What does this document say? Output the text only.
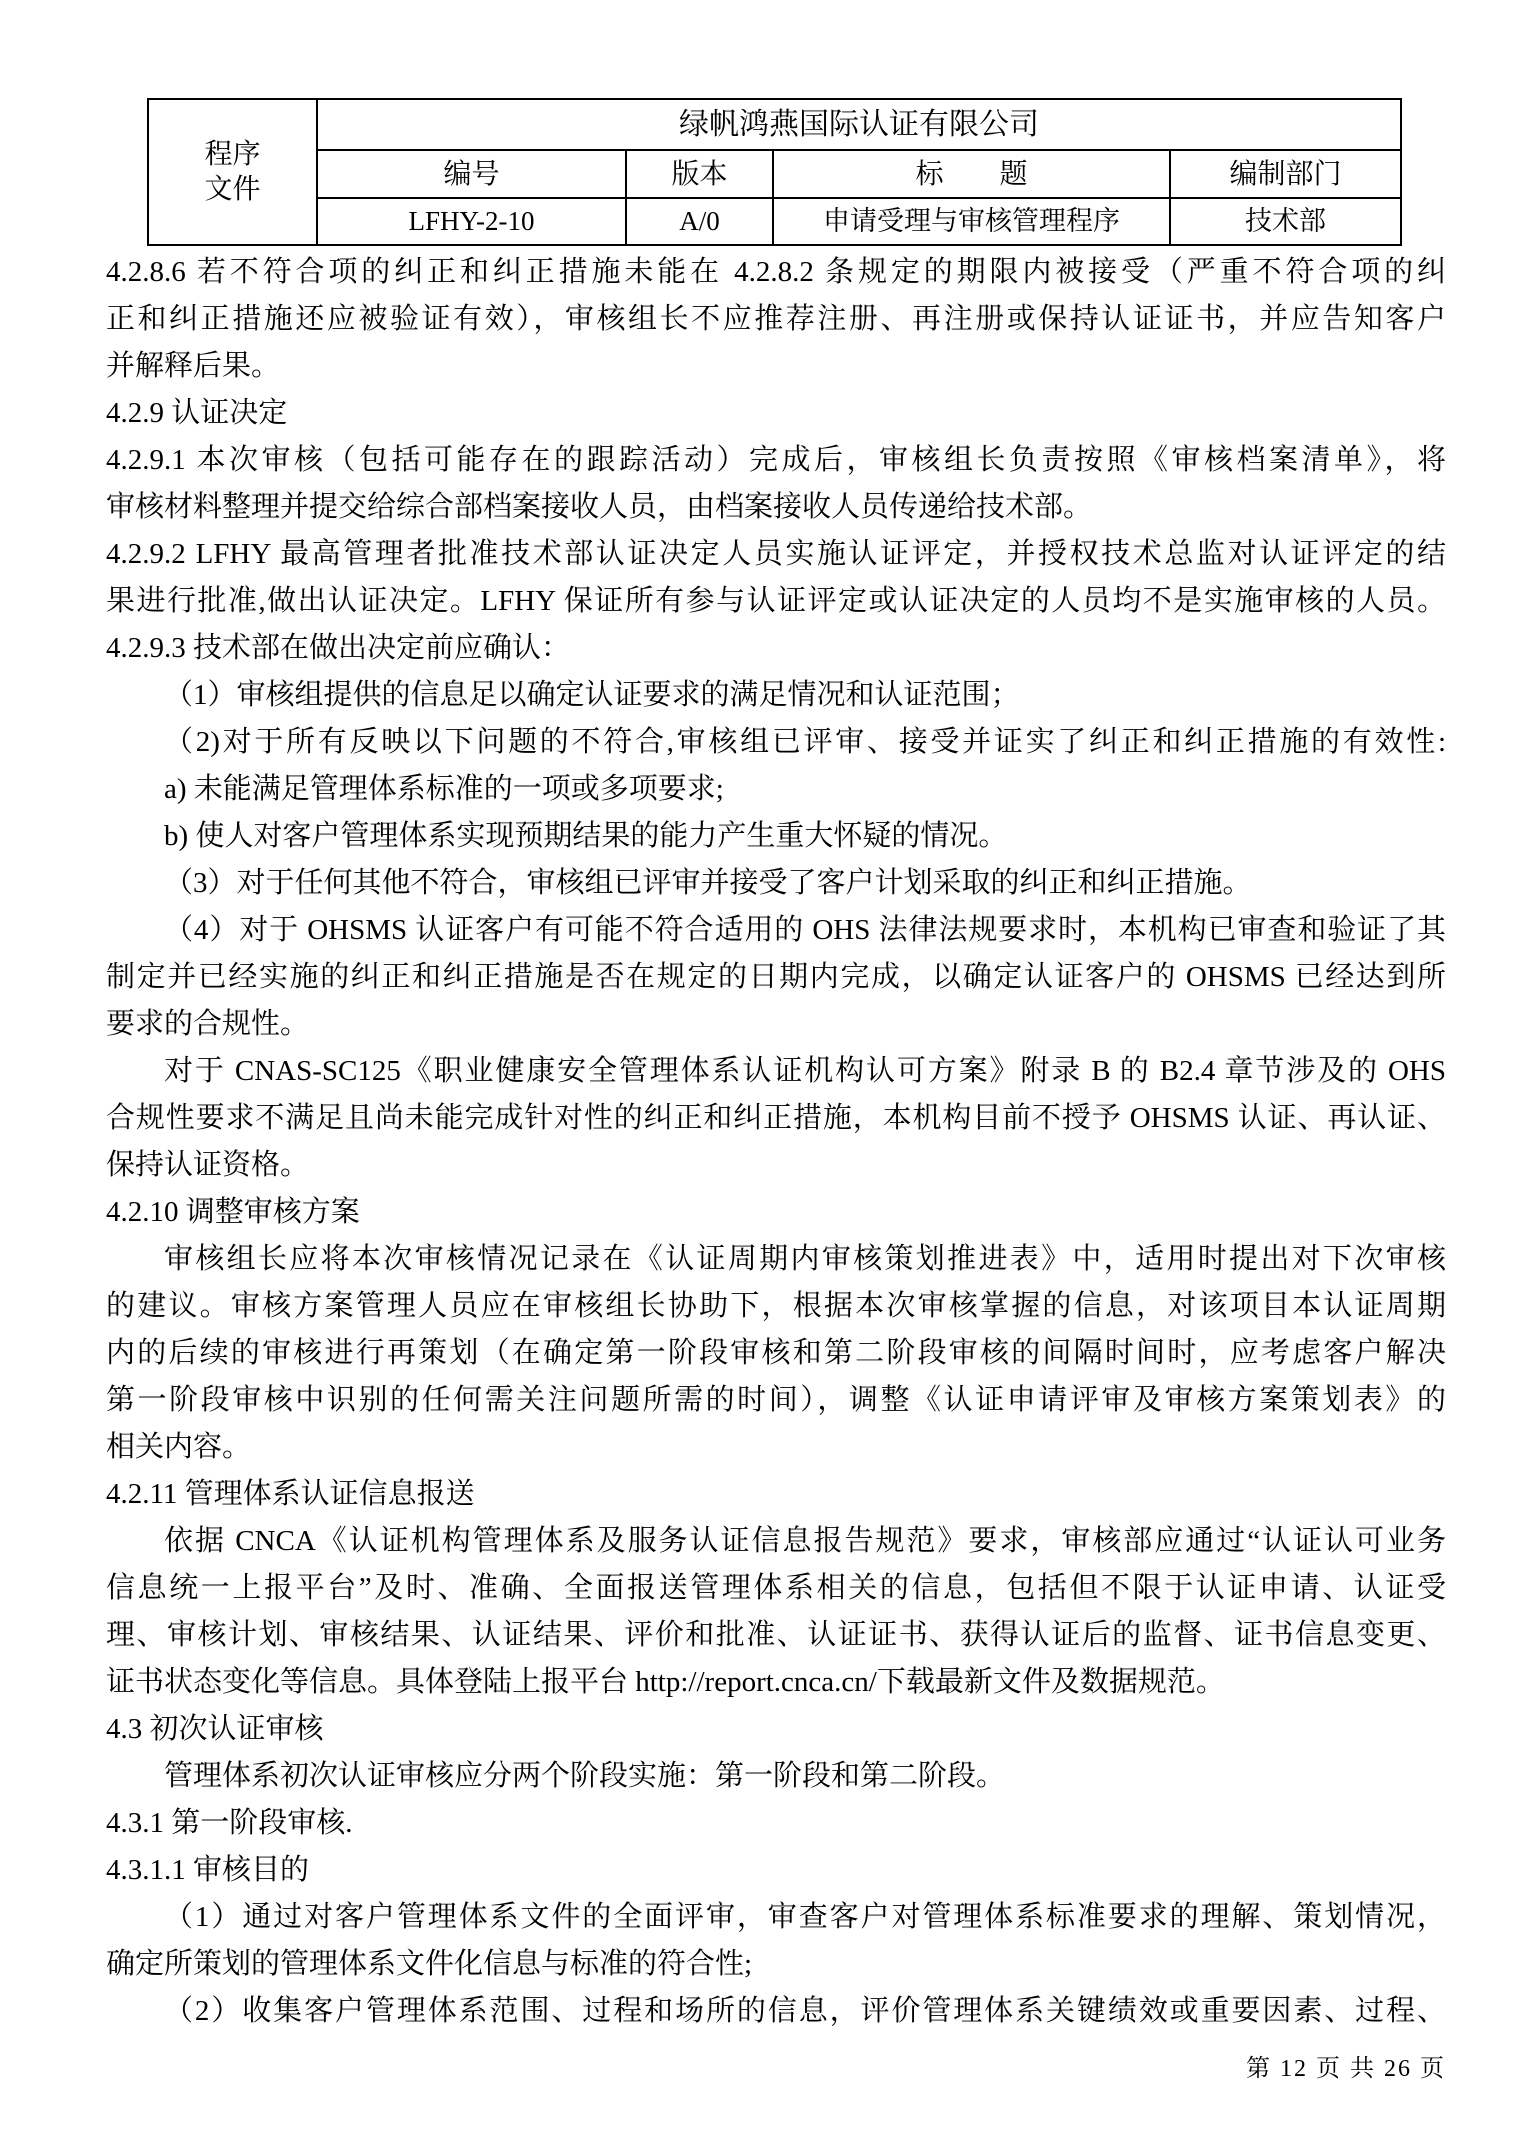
程序
文件	绿帆鸿燕国际认证有限公司			
	编号	版本	标　　题	编制部门
	LFHY-2-10	A/0	申请受理与审核管理程序	技术部
4.2.8.6 若不符合项的纠正和纠正措施未能在 4.2.8.2 条规定的期限内被接受（严重不符合项的纠
正和纠正措施还应被验证有效），审核组长不应推荐注册、再注册或保持认证证书，并应告知客户
并解释后果。
4.2.9 认证决定
4.2.9.1 本次审核（包括可能存在的跟踪活动）完成后，审核组长负责按照《审核档案清单》，将
审核材料整理并提交给综合部档案接收人员，由档案接收人员传递给技术部。
4.2.9.2 LFHY 最高管理者批准技术部认证决定人员实施认证评定，并授权技术总监对认证评定的结
果进行批准,做出认证决定。LFHY 保证所有参与认证评定或认证决定的人员均不是实施审核的人员。
4.2.9.3 技术部在做出决定前应确认：
（1）审核组提供的信息足以确定认证要求的满足情况和认证范围；
（2)对于所有反映以下问题的不符合,审核组已评审、接受并证实了纠正和纠正措施的有效性:
a) 未能满足管理体系标准的一项或多项要求;
b) 使人对客户管理体系实现预期结果的能力产生重大怀疑的情况。
（3）对于任何其他不符合，审核组已评审并接受了客户计划采取的纠正和纠正措施。
（4）对于 OHSMS 认证客户有可能不符合适用的 OHS 法律法规要求时，本机构已审查和验证了其
制定并已经实施的纠正和纠正措施是否在规定的日期内完成，以确定认证客户的 OHSMS 已经达到所
要求的合规性。
对于 CNAS-SC125《职业健康安全管理体系认证机构认可方案》附录 B 的 B2.4 章节涉及的 OHS
合规性要求不满足且尚未能完成针对性的纠正和纠正措施，本机构目前不授予 OHSMS 认证、再认证、
保持认证资格。
4.2.10 调整审核方案
审核组长应将本次审核情况记录在《认证周期内审核策划推进表》中，适用时提出对下次审核
的建议。审核方案管理人员应在审核组长协助下，根据本次审核掌握的信息，对该项目本认证周期
内的后续的审核进行再策划（在确定第一阶段审核和第二阶段审核的间隔时间时，应考虑客户解决
第一阶段审核中识别的任何需关注问题所需的时间），调整《认证申请评审及审核方案策划表》的
相关内容。
4.2.11 管理体系认证信息报送
依据 CNCA《认证机构管理体系及服务认证信息报告规范》要求，审核部应通过“认证认可业务
信息统一上报平台”及时、准确、全面报送管理体系相关的信息，包括但不限于认证申请、认证受
理、审核计划、审核结果、认证结果、评价和批准、认证证书、获得认证后的监督、证书信息变更、
证书状态变化等信息。具体登陆上报平台 http://report.cnca.cn/下载最新文件及数据规范。
4.3 初次认证审核
管理体系初次认证审核应分两个阶段实施：第一阶段和第二阶段。
4.3.1 第一阶段审核.
4.3.1.1 审核目的
（1）通过对客户管理体系文件的全面评审，审查客户对管理体系标准要求的理解、策划情况，
确定所策划的管理体系文件化信息与标准的符合性;
（2）收集客户管理体系范围、过程和场所的信息，评价管理体系关键绩效或重要因素、过程、
第 12 页 共 26 页
